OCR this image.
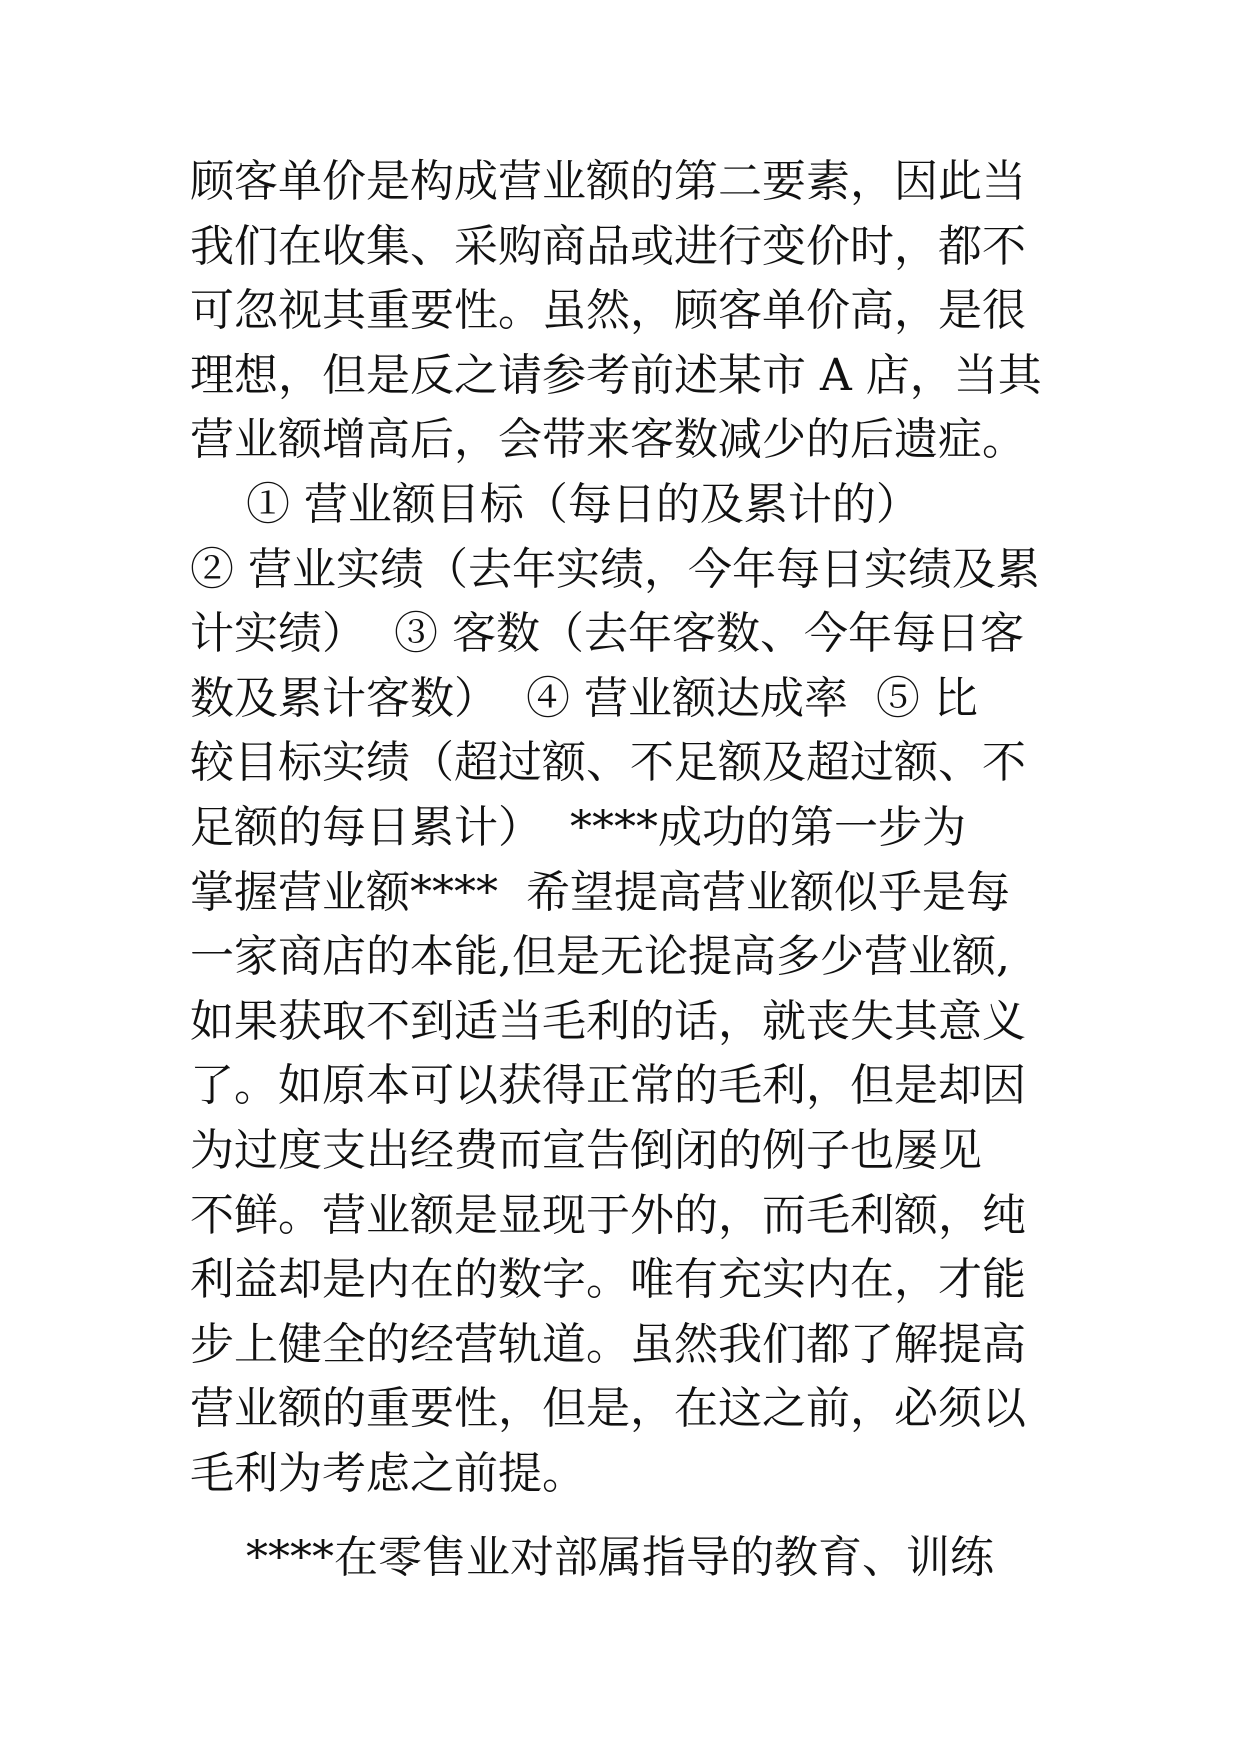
顾客单价是构成营业额的第二要素，因此当
我们在收集、采购商品或进行变价时，都不
可忽视其重要性。虽然，顾客单价高，是很
理想，但是反之请参考前述某市 A 店，当其
营业额增高后，会带来客数减少的后遗症。
① 营业额目标（每日的及累计的）
② 营业实绩（去年实绩，今年每日实绩及累
计实绩）  ③ 客数（去年客数、今年每日客
数及累计客数）  ④ 营业额达成率  ⑤ 比
较目标实绩（超过额、不足额及超过额、不
足额的每日累计）  ****成功的第一步为
掌握营业额****  希望提高营业额似乎是每
一家商店的本能,但是无论提高多少营业额,
如果获取不到适当毛利的话，就丧失其意义
了。如原本可以获得正常的毛利，但是却因
为过度支出经费而宣告倒闭的例子也屡见
不鲜。营业额是显现于外的，而毛利额，纯
利益却是内在的数字。唯有充实内在，才能
步上健全的经营轨道。虽然我们都了解提高
营业额的重要性，但是，在这之前，必须以
毛利为考虑之前提。
****在零售业对部属指导的教育、训练
